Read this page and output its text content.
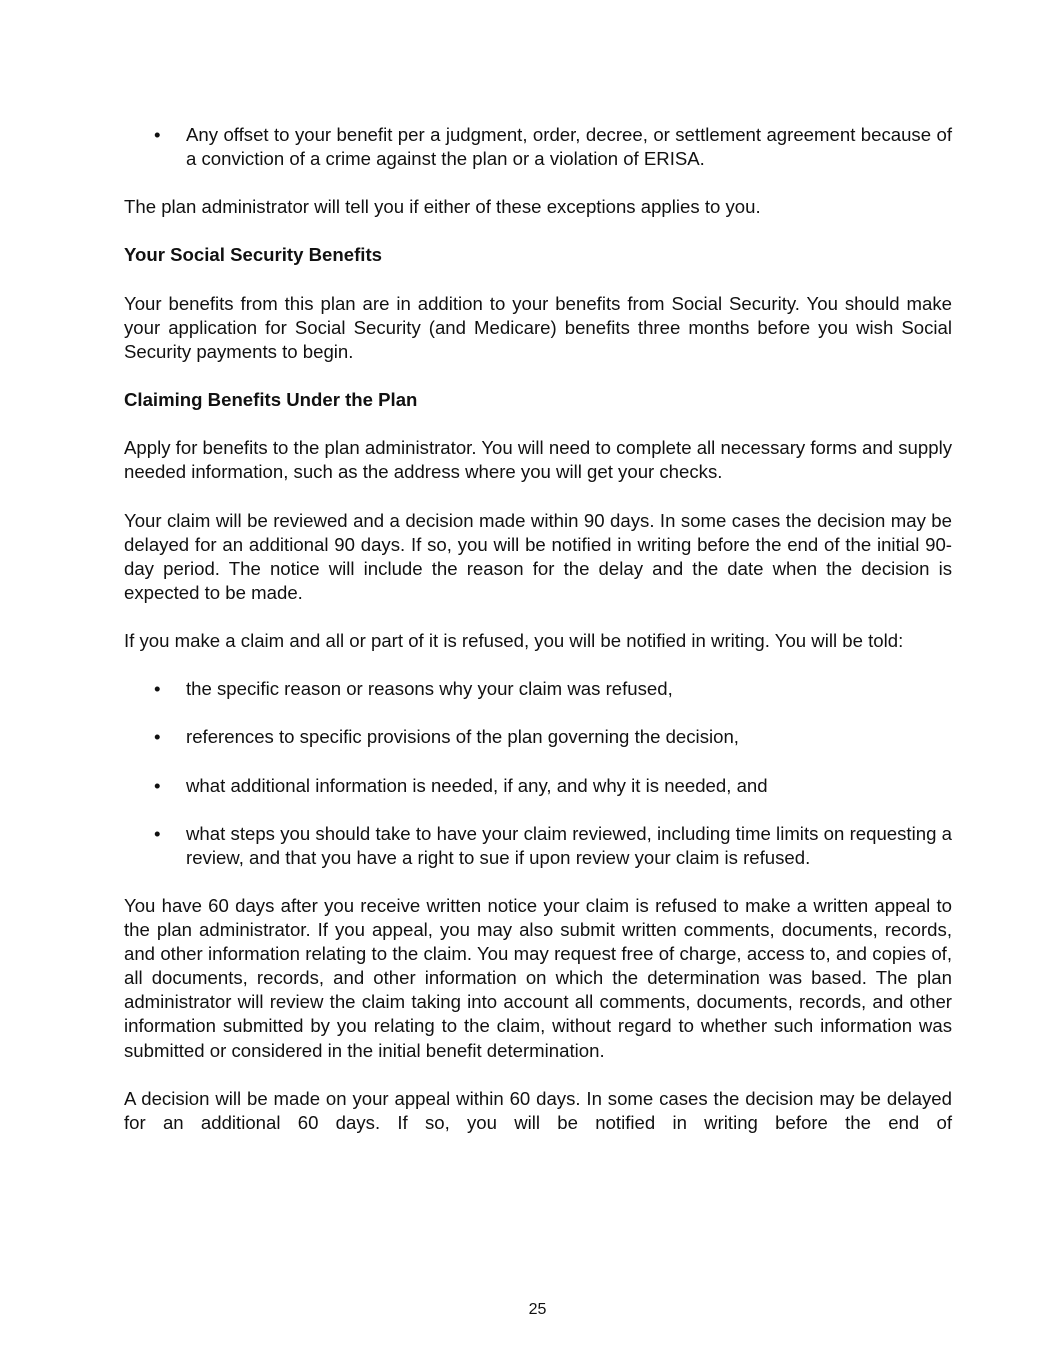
• Any offset to your benefit per a judgment, order, decree, or settlement agreement because of a conviction of a crime against the plan or a violation of ERISA.

The plan administrator will tell you if either of these exceptions applies to you.

Your Social Security Benefits

Your benefits from this plan are in addition to your benefits from Social Security. You should make your application for Social Security (and Medicare) benefits three months before you wish Social Security payments to begin.

Claiming Benefits Under the Plan

Apply for benefits to the plan administrator. You will need to complete all necessary forms and supply needed information, such as the address where you will get your checks.

Your claim will be reviewed and a decision made within 90 days. In some cases the decision may be delayed for an additional 90 days. If so, you will be notified in writing before the end of the initial 90-day period. The notice will include the reason for the delay and the date when the decision is expected to be made.

If you make a claim and all or part of it is refused, you will be notified in writing. You will be told:

• the specific reason or reasons why your claim was refused,
• references to specific provisions of the plan governing the decision,
• what additional information is needed, if any, and why it is needed, and
• what steps you should take to have your claim reviewed, including time limits on requesting a review, and that you have a right to sue if upon review your claim is refused.

You have 60 days after you receive written notice your claim is refused to make a written appeal to the plan administrator. If you appeal, you may also submit written comments, documents, records, and other information relating to the claim. You may request free of charge, access to, and copies of, all documents, records, and other information on which the determination was based. The plan administrator will review the claim taking into account all comments, documents, records, and other information submitted by you relating to the claim, without regard to whether such information was submitted or considered in the initial benefit determination.

A decision will be made on your appeal within 60 days. In some cases the decision may be delayed for an additional 60 days. If so, you will be notified in writing before the end of

25
